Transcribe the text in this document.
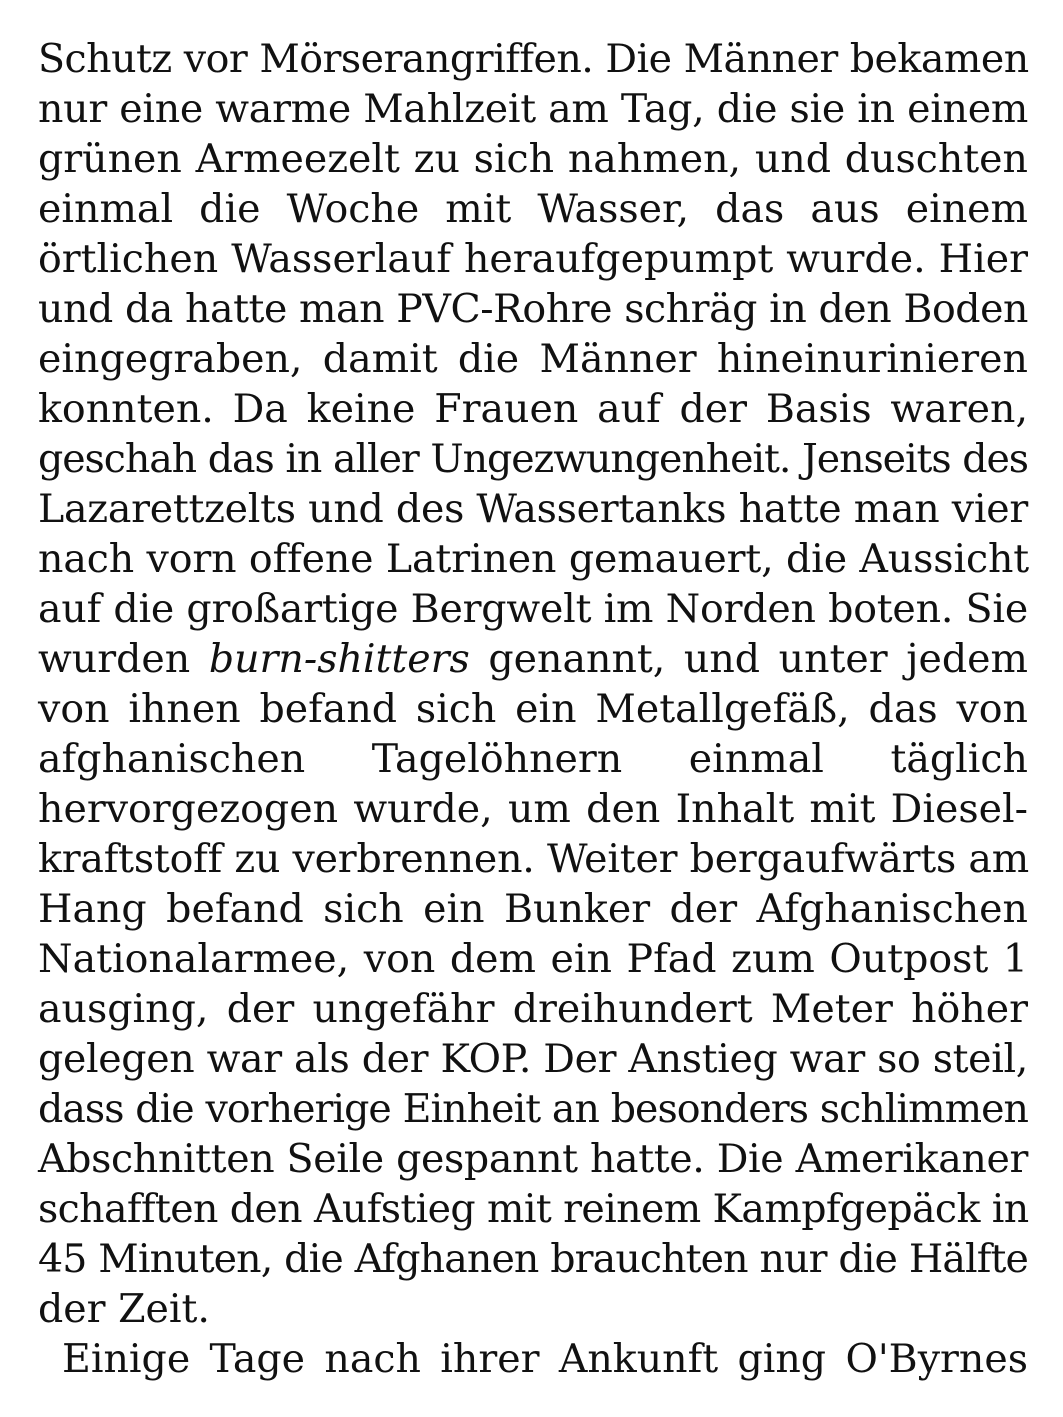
Schutz vor Mörserangriffen. Die Männer bekamen
nur eine warme Mahlzeit am Tag, die sie in einem
grünen Armeezelt zu sich nahmen, und duschten
einmal die Woche mit Wasser, das aus einem
örtlichen Wasserlauf heraufgepumpt wurde. Hier
und da hatte man PVC-Rohre schräg in den Boden
eingegraben, damit die Männer hineinurinieren
konnten. Da keine Frauen auf der Basis waren,
geschah das in aller Ungezwungenheit. Jenseits des
Lazarettzelts und des Wassertanks hatte man vier
nach vorn offene Latrinen gemauert, die Aussicht
auf die großartige Bergwelt im Norden boten. Sie
wurden burn-shitters genannt, und unter jedem
von ihnen befand sich ein Metallgefäß, das von
afghanischen Tagelöhnern einmal täglich
hervorgezogen wurde, um den Inhalt mit Diesel-
kraftstoff zu verbrennen. Weiter bergaufwärts am
Hang befand sich ein Bunker der Afghanischen
Nationalarmee, von dem ein Pfad zum Outpost 1
ausging, der ungefähr dreihundert Meter höher
gelegen war als der KOP. Der Anstieg war so steil,
dass die vorherige Einheit an besonders schlimmen
Abschnitten Seile gespannt hatte. Die Amerikaner
schafften den Aufstieg mit reinem Kampfgepäck in
45 Minuten, die Afghanen brauchten nur die Hälfte
der Zeit.
Einige Tage nach ihrer Ankunft ging O'Byrnes
